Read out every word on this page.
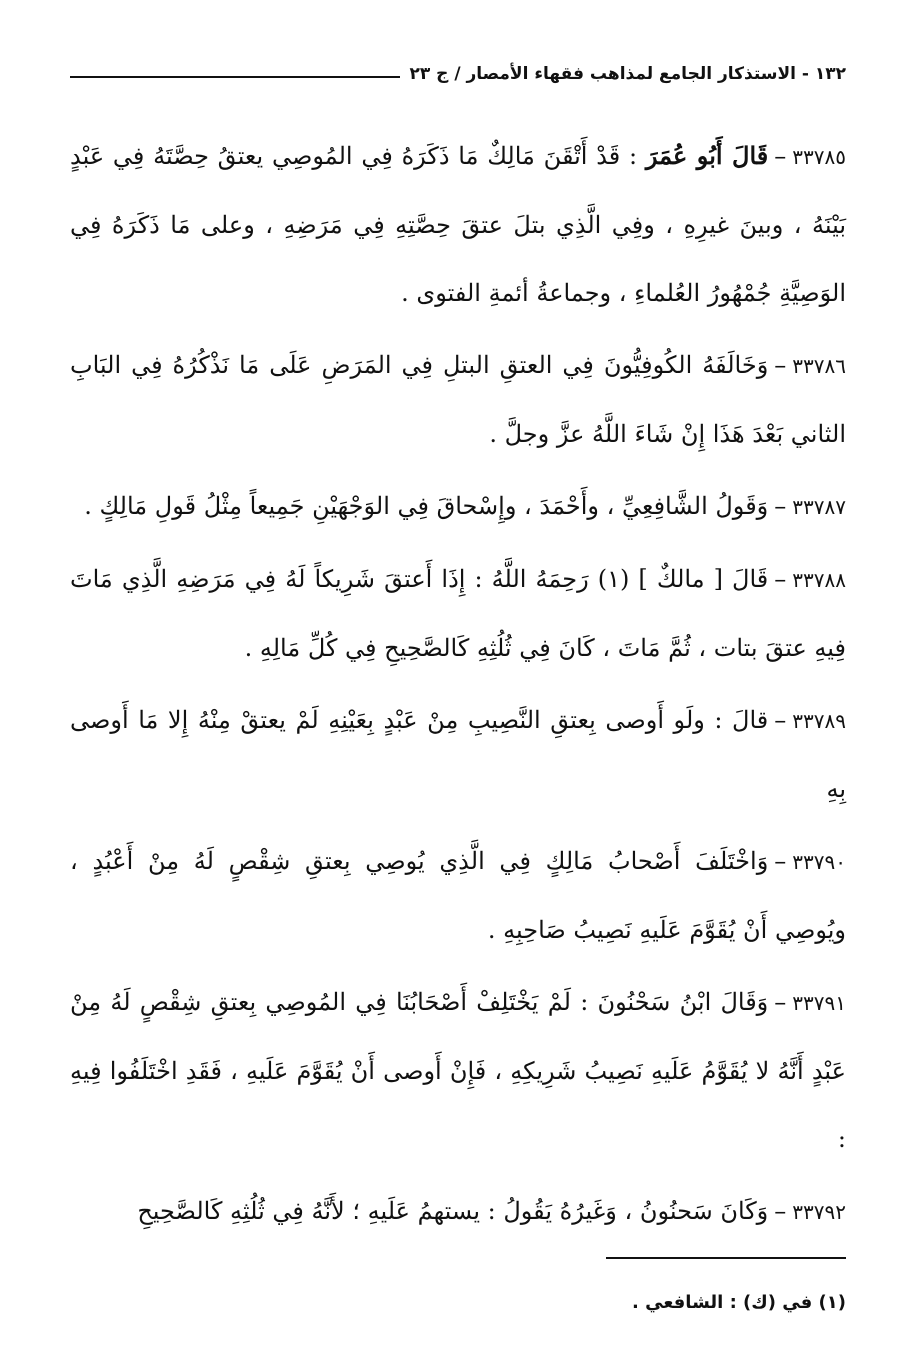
١٣٢ - الاستذكار الجامع لمذاهب فقهاء الأمصار / ج ٢٣

٣٣٧٨٥–قَالَ أَبُو عُمَرَ : قَدْ أَتْقَنَ مَالِكٌ مَا ذَكَرَهُ فِي المُوصِي يعتقُ حِصَّتَهُ فِي عَبْدٍ بَيْنَهُ ، وبينَ غيرِهِ ، وفِي الَّذِي بتلَ عتقَ حِصَّتِهِ فِي مَرَضِهِ ، وعلى مَا ذَكَرَهُ فِي الوَصِيَّةِ جُمْهُورُ العُلماءِ ، وجماعةُ أئمةِ الفتوى .

٣٣٧٨٦–وَخَالَفَهُ الكُوفِيُّونَ فِي العتقِ البتلِ فِي المَرَضِ عَلَى مَا نَذْكُرُهُ فِي البَابِ الثاني بَعْدَ هَذَا إِنْ شَاءَ اللَّهُ عزَّ وجلَّ .

٣٣٧٨٧–وَقَولُ الشَّافِعِيِّ ، وأَحْمَدَ ، وإِسْحاقَ فِي الوَجْهَيْنِ جَمِيعاً مِثْلُ قَولِ مَالِكٍ .

٣٣٧٨٨–قَالَ [ مالكٌ ] (١) رَحِمَهُ اللَّهُ : إِذَا أَعتقَ شَرِيكاً لَهُ فِي مَرَضِهِ الَّذِي مَاتَ فِيهِ عتقَ بتات ، ثُمَّ مَاتَ ، كَانَ فِي ثُلُثِهِ كَالصَّحِيحِ فِي كُلِّ مَالِهِ .

٣٣٧٨٩–قالَ : ولَو أَوصى بِعتقِ النَّصِيبِ مِنْ عَبْدٍ بِعَيْنِهِ لَمْ يعتقْ مِنْهُ إِلا مَا أَوصى بِهِ

٣٣٧٩٠–وَاخْتَلَفَ أَصْحابُ مَالِكٍ فِي الَّذِي يُوصِي بِعتقِ شِقْصٍ لَهُ مِنْ أَعْبُدٍ ، ويُوصِي أَنْ يُقَوَّمَ عَلَيهِ نَصِيبُ صَاحِبِهِ .

٣٣٧٩١–وَقَالَ ابْنُ سَحْنُونَ : لَمْ يَخْتَلِفْ أَصْحَابُنَا فِي المُوصِي بِعتقِ شِقْصٍ لَهُ مِنْ عَبْدٍ أَنَّهُ لا يُقَوَّمُ عَلَيهِ نَصِيبُ شَرِيكِهِ ، فَإِنْ أَوصى أَنْ يُقَوَّمَ عَلَيهِ ، فَقَدِ اخْتَلَفُوا فِيهِ :

٣٣٧٩٢–وَكَانَ سَحنُونُ ، وَغَيرُهُ يَقُولُ : يستهمُ عَلَيهِ ؛ لأَنَّهُ فِي ثُلُثِهِ كَالصَّحِيحِ

(١) في (ك) : الشافعي .
